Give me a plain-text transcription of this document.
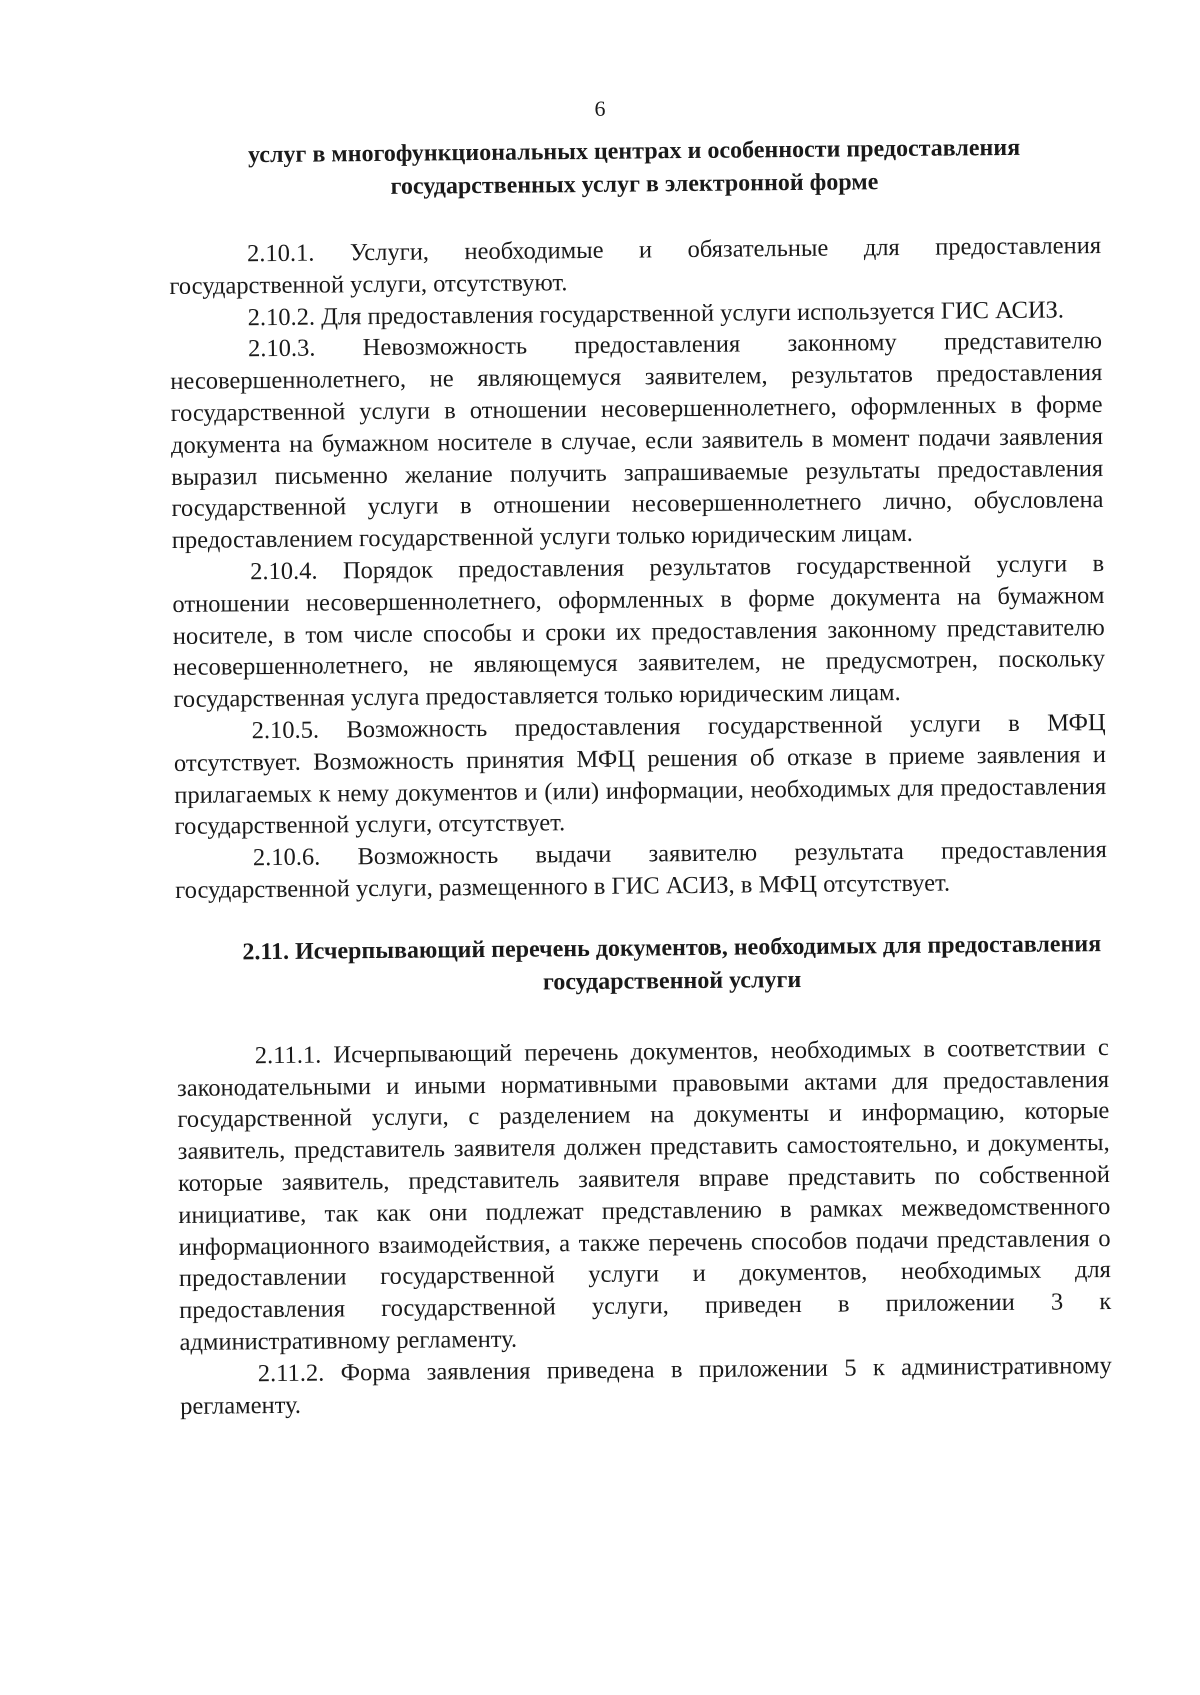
6
услуг в многофункциональных центрах и особенности предоставления государственных услуг в электронной форме

2.10.1. Услуги, необходимые и обязательные для предоставления государственной услуги, отсутствуют.

2.10.2. Для предоставления государственной услуги используется ГИС АСИЗ.

2.10.3. Невозможность предоставления законному представителю несовершеннолетнего, не являющемуся заявителем, результатов предоставления государственной услуги в отношении несовершеннолетнего, оформленных в форме документа на бумажном носителе в случае, если заявитель в момент подачи заявления выразил письменно желание получить запрашиваемые результаты предоставления государственной услуги в отношении несовершеннолетнего лично, обусловлена предоставлением государственной услуги только юридическим лицам.

2.10.4. Порядок предоставления результатов государственной услуги в отношении несовершеннолетнего, оформленных в форме документа на бумажном носителе, в том числе способы и сроки их предоставления законному представителю несовершеннолетнего, не являющемуся заявителем, не предусмотрен, поскольку государственная услуга предоставляется только юридическим лицам.

2.10.5. Возможность предоставления государственной услуги в МФЦ отсутствует. Возможность принятия МФЦ решения об отказе в приеме заявления и прилагаемых к нему документов и (или) информации, необходимых для предоставления государственной услуги, отсутствует.

2.10.6. Возможность выдачи заявителю результата предоставления государственной услуги, размещенного в ГИС АСИЗ, в МФЦ отсутствует.

2.11. Исчерпывающий перечень документов, необходимых для предоставления государственной услуги

2.11.1. Исчерпывающий перечень документов, необходимых в соответствии с законодательными и иными нормативными правовыми актами для предоставления государственной услуги, с разделением на документы и информацию, которые заявитель, представитель заявителя должен представить самостоятельно, и документы, которые заявитель, представитель заявителя вправе представить по собственной инициативе, так как они подлежат представлению в рамках межведомственного информационного взаимодействия, а также перечень способов подачи представления о предоставлении государственной услуги и документов, необходимых для предоставления государственной услуги, приведен в приложении 3 к административному регламенту.

2.11.2. Форма заявления приведена в приложении 5 к административному регламенту.
